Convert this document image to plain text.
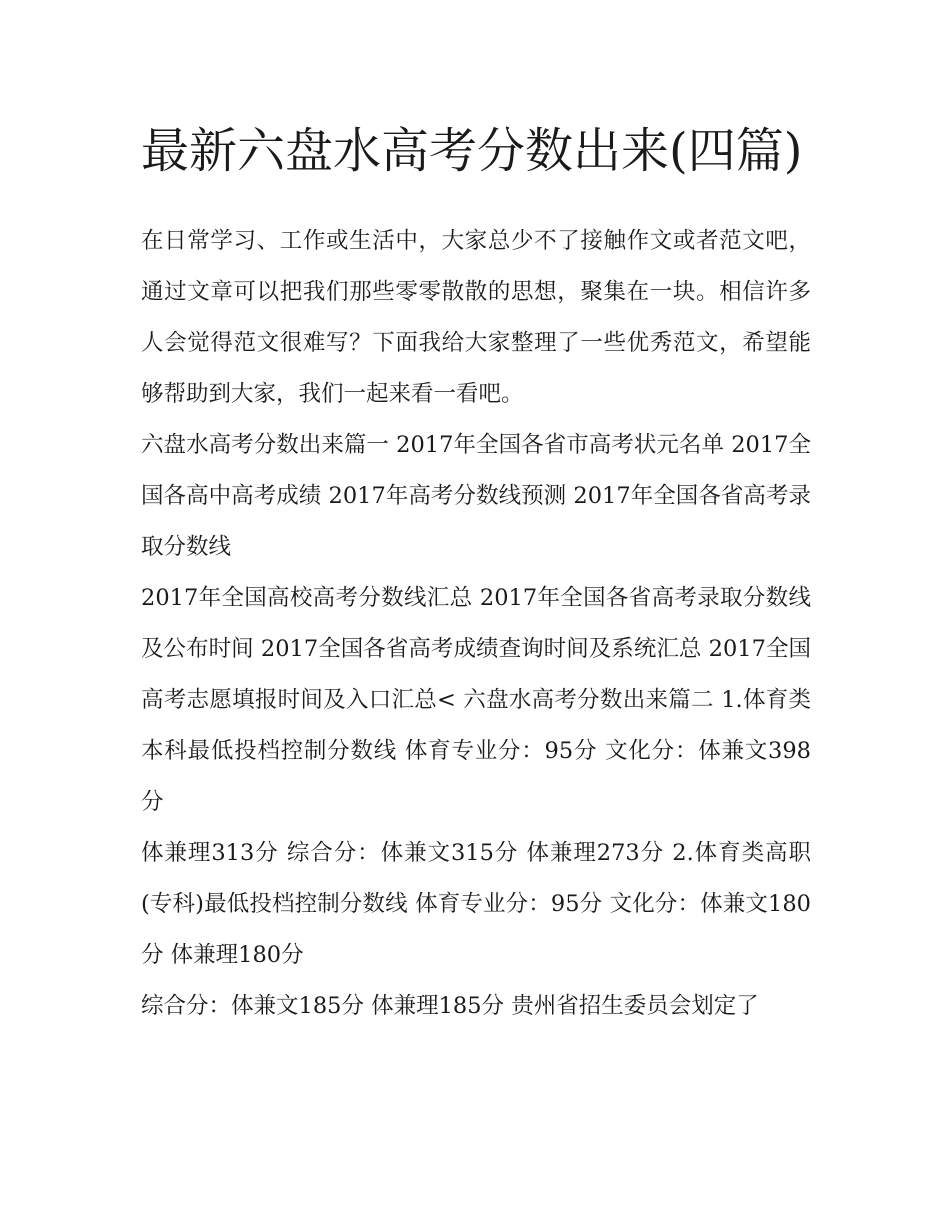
最新六盘水高考分数出来(四篇)

在日常学习、工作或生活中，大家总少不了接触作文或者范文吧，通过文章可以把我们那些零零散散的思想，聚集在一块。相信许多人会觉得范文很难写？下面我给大家整理了一些优秀范文，希望能够帮助到大家，我们一起来看一看吧。

六盘水高考分数出来篇一 2017年全国各省市高考状元名单 2017全国各高中高考成绩 2017年高考分数线预测 2017年全国各省高考录取分数线

2017年全国高校高考分数线汇总 2017年全国各省高考录取分数线及公布时间 2017全国各省高考成绩查询时间及系统汇总 2017全国高考志愿填报时间及入口汇总< 六盘水高考分数出来篇二 1.体育类本科最低投档控制分数线 体育专业分：95分 文化分：体兼文398分

体兼理313分 综合分：体兼文315分 体兼理273分 2.体育类高职(专科)最低投档控制分数线 体育专业分：95分 文化分：体兼文180分 体兼理180分

综合分：体兼文185分 体兼理185分 贵州省招生委员会划定了
